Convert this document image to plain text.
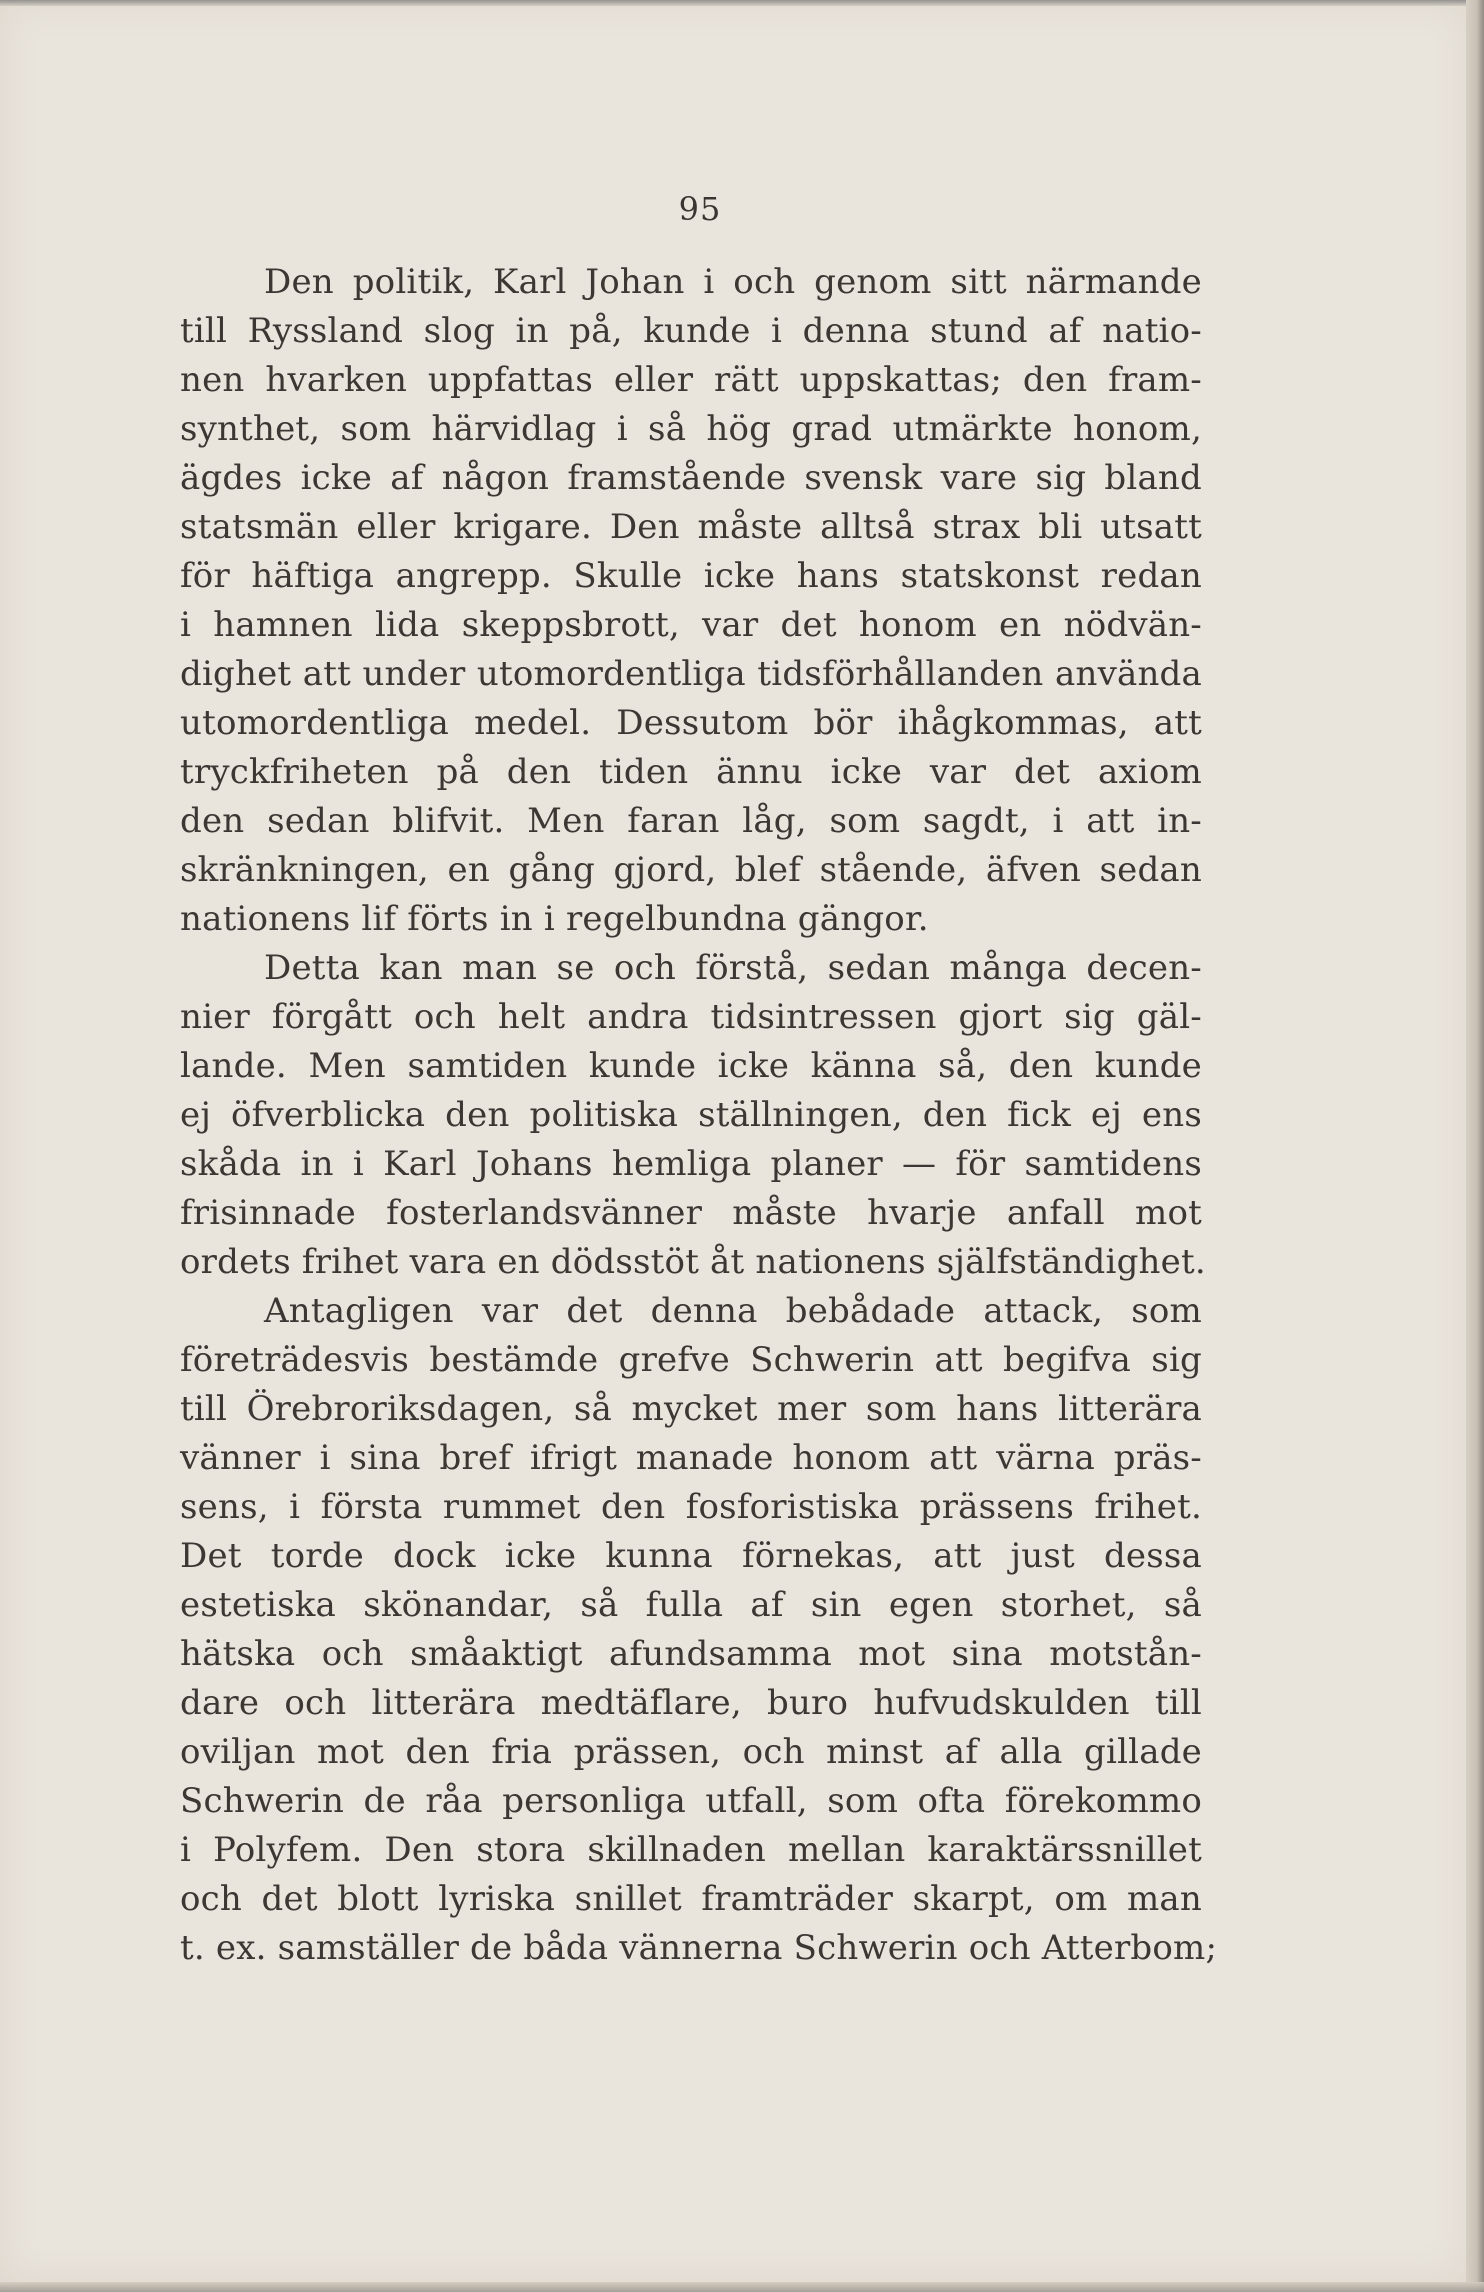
95
Den politik, Karl Johan i och genom sitt närmande
till Ryssland slog in på, kunde i denna stund af natio-
nen hvarken uppfattas eller rätt uppskattas; den fram-
synthet, som härvidlag i så hög grad utmärkte honom,
ägdes icke af någon framstående svensk vare sig bland
statsmän eller krigare. Den måste alltså strax bli utsatt
för häftiga angrepp. Skulle icke hans statskonst redan
i hamnen lida skeppsbrott, var det honom en nödvän-
dighet att under utomordentliga tidsförhållanden använda
utomordentliga medel. Dessutom bör ihågkommas, att
tryckfriheten på den tiden ännu icke var det axiom
den sedan blifvit. Men faran låg, som sagdt, i att in-
skränkningen, en gång gjord, blef stående, äfven sedan
nationens lif förts in i regelbundna gängor.
Detta kan man se och förstå, sedan många decen-
nier förgått och helt andra tidsintressen gjort sig gäl-
lande. Men samtiden kunde icke känna så, den kunde
ej öfverblicka den politiska ställningen, den fick ej ens
skåda in i Karl Johans hemliga planer — för samtidens
frisinnade fosterlandsvänner måste hvarje anfall mot
ordets frihet vara en dödsstöt åt nationens själfständighet.
Antagligen var det denna bebådade attack, som
företrädesvis bestämde grefve Schwerin att begifva sig
till Örebroriksdagen, så mycket mer som hans litterära
vänner i sina bref ifrigt manade honom att värna präs-
sens, i första rummet den fosforistiska prässens frihet.
Det torde dock icke kunna förnekas, att just dessa
estetiska skönandar, så fulla af sin egen storhet, så
hätska och småaktigt afundsamma mot sina motstån-
dare och litterära medtäflare, buro hufvudskulden till
oviljan mot den fria prässen, och minst af alla gillade
Schwerin de råa personliga utfall, som ofta förekommo
i Polyfem. Den stora skillnaden mellan karaktärssnillet
och det blott lyriska snillet framträder skarpt, om man
t. ex. samställer de båda vännerna Schwerin och Atterbom;
